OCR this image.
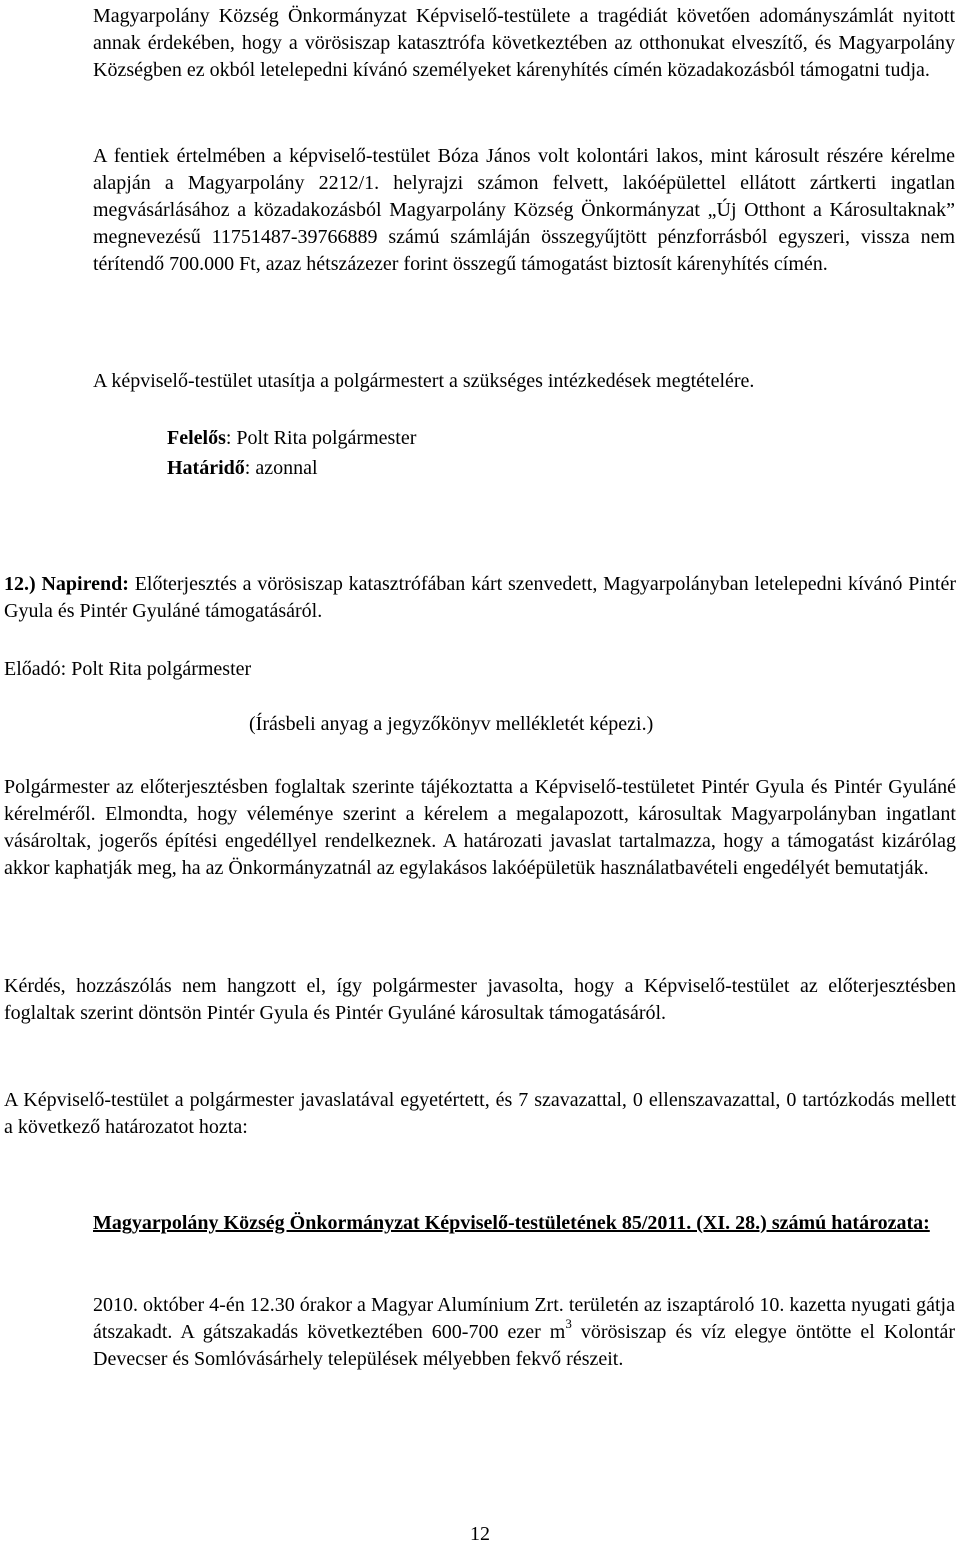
Magyarpolány Község Önkormányzat Képviselő-testülete a tragédiát követően adományszámlát nyitott annak érdekében, hogy a vörösiszap katasztrófa következtében az otthonukat elveszítő, és Magyarpolány Községben ez okból letelepedni kívánó személyeket kárenyhítés címén közadakozásból támogatni tudja.

A fentiek értelmében a képviselő-testület Bóza János volt kolontári lakos, mint károsult részére kérelme alapján a Magyarpolány 2212/1. helyrajzi számon felvett, lakóépülettel ellátott zártkerti ingatlan megvásárlásához a közadakozásból Magyarpolány Község Önkormányzat „Új Otthont a Károsultaknak” megnevezésű 11751487-39766889 számú számláján összegyűjtött pénzforrásból egyszeri, vissza nem térítendő 700.000 Ft, azaz hétszázezer forint összegű támogatást biztosít kárenyhítés címén.

A képviselő-testület utasítja a polgármestert a szükséges intézkedések megtételére.

Felelős: Polt Rita polgármester
Határidő: azonnal

12.) Napirend: Előterjesztés a vörösiszap katasztrófában kárt szenvedett, Magyarpolányban letelepedni kívánó Pintér Gyula és Pintér Gyuláné támogatásáról.

Előadó: Polt Rita polgármester

(Írásbeli anyag a jegyzőkönyv mellékletét képezi.)

Polgármester az előterjesztésben foglaltak szerinte tájékoztatta a Képviselő-testületet Pintér Gyula és Pintér Gyuláné kérelméről. Elmondta, hogy véleménye szerint a kérelem a megalapozott, károsultak Magyarpolányban ingatlant vásároltak, jogerős építési engedéllyel rendelkeznek. A határozati javaslat tartalmazza, hogy a támogatást kizárólag akkor kaphatják meg, ha az Önkormányzatnál az egylakásos lakóépületük használatbavételi engedélyét bemutatják.

Kérdés, hozzászólás nem hangzott el, így polgármester javasolta, hogy a Képviselő-testület az előterjesztésben foglaltak szerint döntsön Pintér Gyula és Pintér Gyuláné károsultak támogatásáról.

A Képviselő-testület a polgármester javaslatával egyetértett, és 7 szavazattal, 0 ellenszavazattal, 0 tartózkodás mellett a következő határozatot hozta:

Magyarpolány Község Önkormányzat Képviselő-testületének 85/2011. (XI. 28.) számú határozata:

2010. október 4-én 12.30 órakor a Magyar Alumínium Zrt. területén az iszaptároló 10. kazetta nyugati gátja átszakadt. A gátszakadás következtében 600-700 ezer $m^3$ vörösiszap és víz elegye öntötte el Kolontár Devecser és Somlóvásárhely települések mélyebben fekvő részeit.

12
